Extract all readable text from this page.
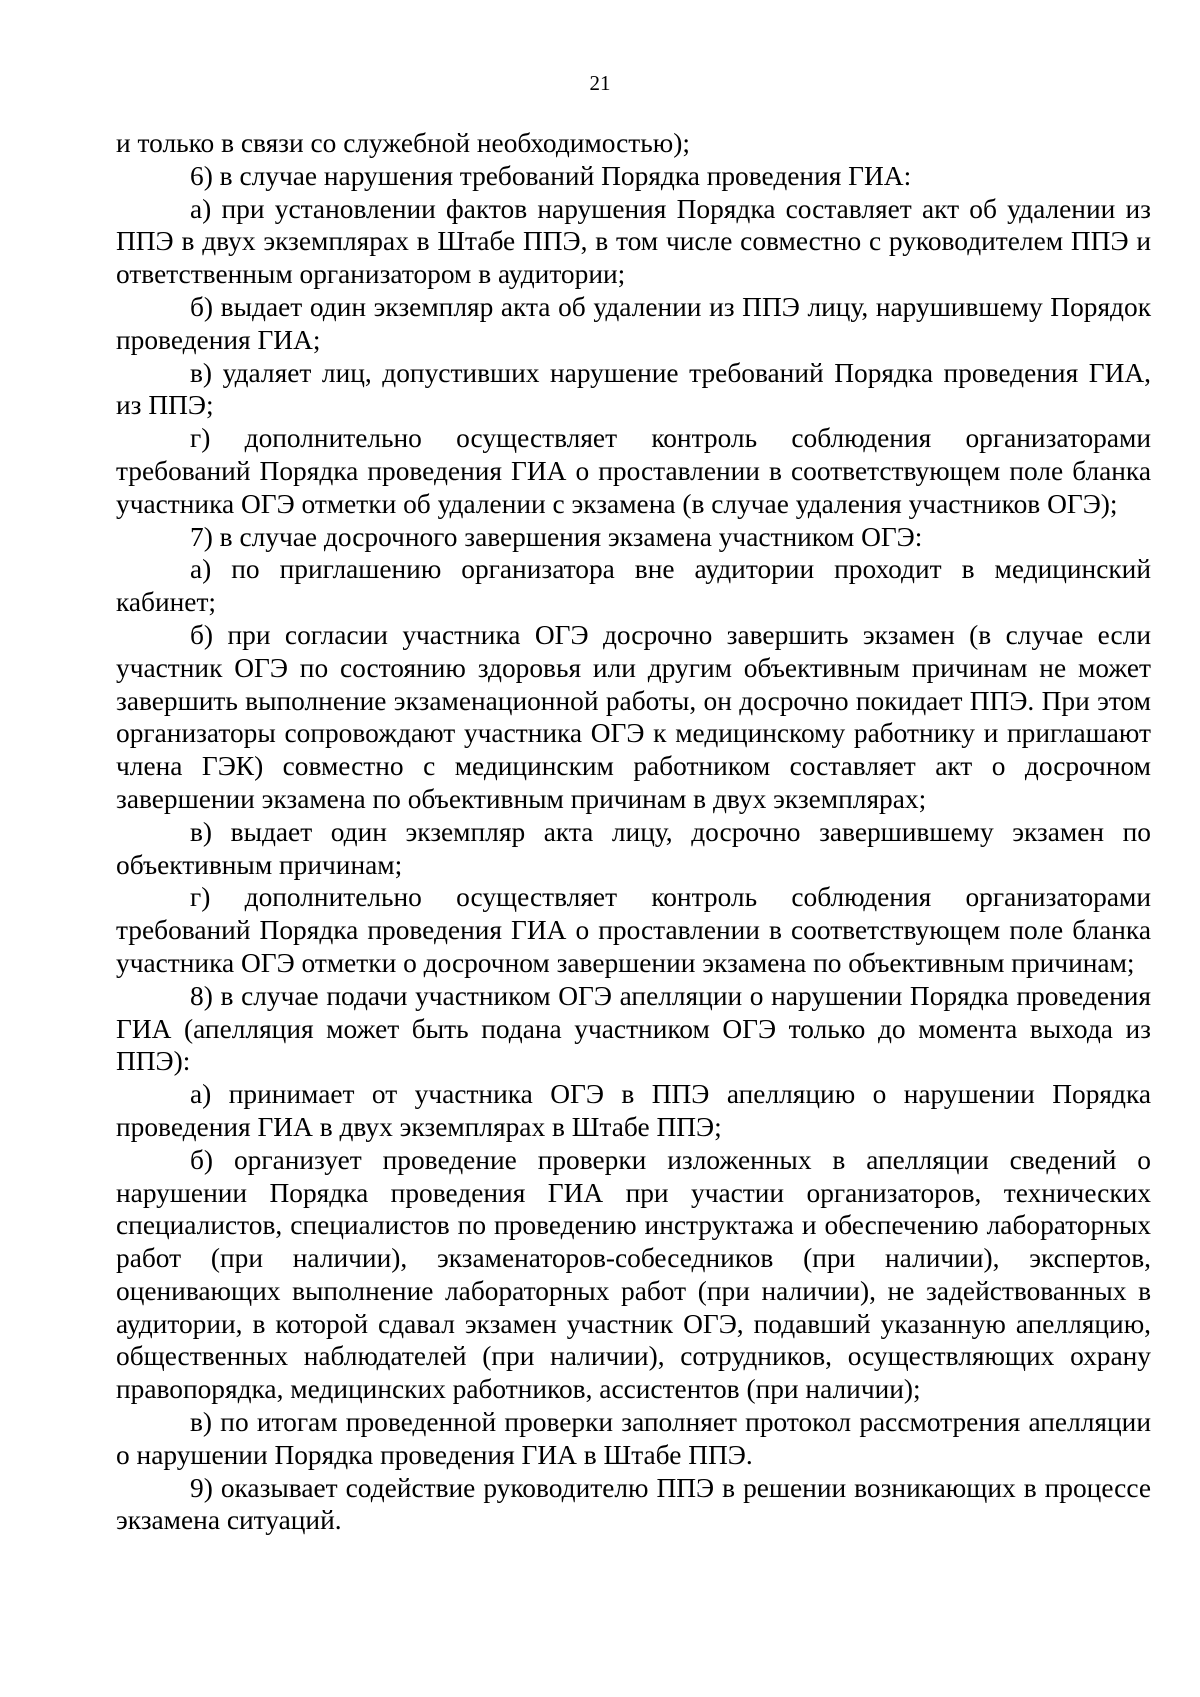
21

и только в связи со служебной необходимостью);

6) в случае нарушения требований Порядка проведения ГИА:

а) при установлении фактов нарушения Порядка составляет акт об удалении из ППЭ в двух экземплярах в Штабе ППЭ, в том числе совместно с руководителем ППЭ и ответственным организатором в аудитории;

б) выдает один экземпляр акта об удалении из ППЭ лицу, нарушившему Порядок проведения ГИА;

в) удаляет лиц, допустивших нарушение требований Порядка проведения ГИА, из ППЭ;

г) дополнительно осуществляет контроль соблюдения организаторами требований Порядка проведения ГИА о проставлении в соответствующем поле бланка участника ОГЭ отметки об удалении с экзамена (в случае удаления участников ОГЭ);

7) в случае досрочного завершения экзамена участником ОГЭ:

а) по приглашению организатора вне аудитории проходит в медицинский кабинет;

б) при согласии участника ОГЭ досрочно завершить экзамен (в случае если участник ОГЭ по состоянию здоровья или другим объективным причинам не может завершить выполнение экзаменационной работы, он досрочно покидает ППЭ. При этом организаторы сопровождают участника ОГЭ к медицинскому работнику и приглашают члена ГЭК) совместно с медицинским работником составляет акт о досрочном завершении экзамена по объективным причинам в двух экземплярах;

в) выдает один экземпляр акта лицу, досрочно завершившему экзамен по объективным причинам;

г) дополнительно осуществляет контроль соблюдения организаторами требований Порядка проведения ГИА о проставлении в соответствующем поле бланка участника ОГЭ отметки о досрочном завершении экзамена по объективным причинам;

8) в случае подачи участником ОГЭ апелляции о нарушении Порядка проведения ГИА (апелляция может быть подана участником ОГЭ только до момента выхода из ППЭ):

а) принимает от участника ОГЭ в ППЭ апелляцию о нарушении Порядка проведения ГИА в двух экземплярах в Штабе ППЭ;

б) организует проведение проверки изложенных в апелляции сведений о нарушении Порядка проведения ГИА при участии организаторов, технических специалистов, специалистов по проведению инструктажа и обеспечению лабораторных работ (при наличии), экзаменаторов-собеседников (при наличии), экспертов, оценивающих выполнение лабораторных работ (при наличии), не задействованных в аудитории, в которой сдавал экзамен участник ОГЭ, подавший указанную апелляцию, общественных наблюдателей (при наличии), сотрудников, осуществляющих охрану правопорядка, медицинских работников, ассистентов (при наличии);

в) по итогам проведенной проверки заполняет протокол рассмотрения апелляции о нарушении Порядка проведения ГИА в Штабе ППЭ.

9) оказывает содействие руководителю ППЭ в решении возникающих в процессе экзамена ситуаций.
